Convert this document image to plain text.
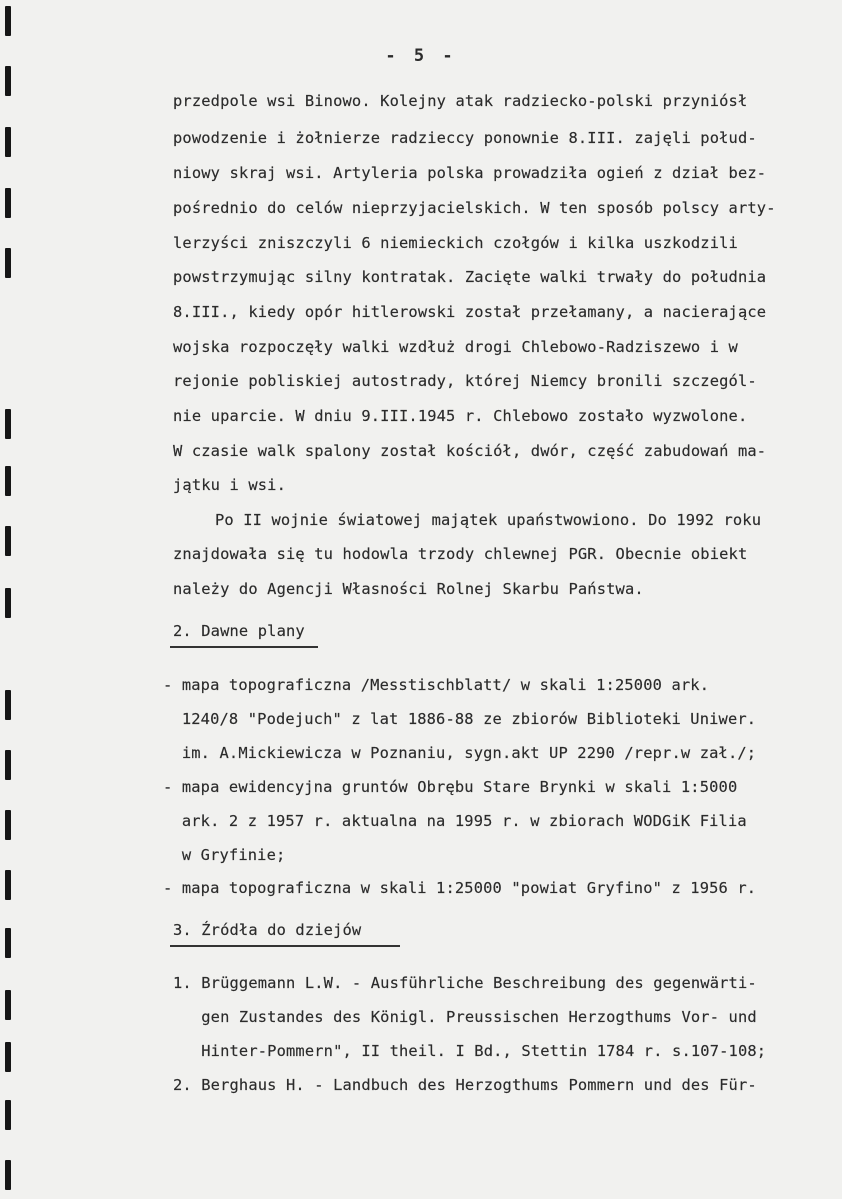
- 5 -
przedpole wsi Binowo. Kolejny atak radziecko-polski przyniósł
powodzenie i żołnierze radzieccy ponownie 8.III. zajęli połud-
niowy skraj wsi. Artyleria polska prowadziła ogień z dział bez-
pośrednio do celów nieprzyjacielskich. W ten sposób polscy arty-
lerzyści zniszczyli 6 niemieckich czołgów i kilka uszkodzili
powstrzymując silny kontratak. Zacięte walki trwały do południa
8.III., kiedy opór hitlerowski został przełamany, a nacierające
wojska rozpoczęły walki wzdłuż drogi Chlebowo-Radziszewo i w
rejonie pobliskiej autostrady, której Niemcy bronili szczegól-
nie uparcie. W dniu 9.III.1945 r. Chlebowo zostało wyzwolone.
W czasie walk spalony został kościół, dwór, część zabudowań ma-
jątku i wsi.
Po II wojnie światowej majątek upaństwowiono. Do 1992 roku
znajdowała się tu hodowla trzody chlewnej PGR. Obecnie obiekt
należy do Agencji Własności Rolnej Skarbu Państwa.
2. Dawne plany
- mapa topograficzna /Messtischblatt/ w skali 1:25000 ark.
1240/8 "Podejuch" z lat 1886-88 ze zbiorów Biblioteki Uniwer.
im. A.Mickiewicza w Poznaniu, sygn.akt UP 2290 /repr.w zał./;
- mapa ewidencyjna gruntów Obrębu Stare Brynki w skali 1:5000
ark. 2 z 1957 r. aktualna na 1995 r. w zbiorach WODGiK Filia
w Gryfinie;
- mapa topograficzna w skali 1:25000 "powiat Gryfino" z 1956 r.
3. Źródła do dziejów
1. Brüggemann L.W. - Ausführliche Beschreibung des gegenwärti-
gen Zustandes des Königl. Preussischen Herzogthums Vor- und
Hinter-Pommern", II theil. I Bd., Stettin 1784 r. s.107-108;
2. Berghaus H. - Landbuch des Herzogthums Pommern und des Für-
